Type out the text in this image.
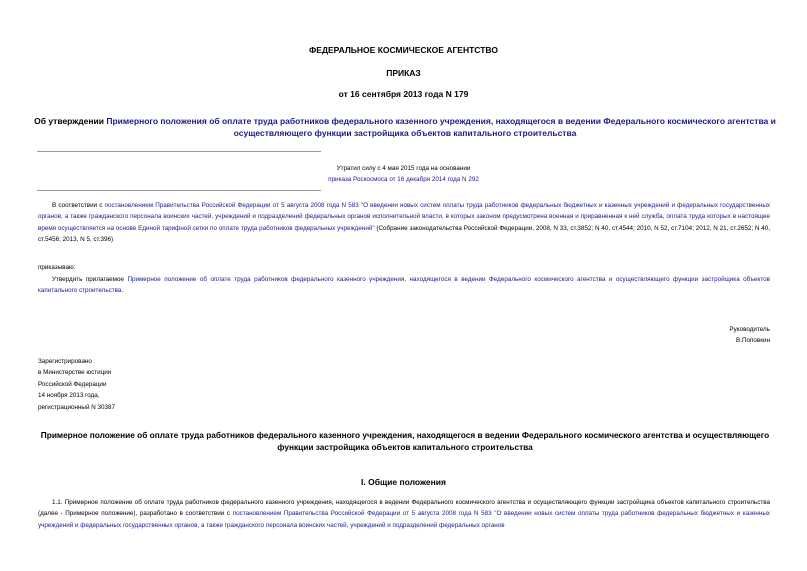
ФЕДЕРАЛЬНОЕ КОСМИЧЕСКОЕ АГЕНТСТВО
ПРИКАЗ
от 16 сентября 2013 года N 179
Об утверждении Примерного положения об оплате труда работников федерального казенного учреждения, находящегося в ведении Федерального космического агентства и осуществляющего функции застройщика объектов капитального строительства
Утратил силу с 4 мая 2015 года на основании
приказа Роскосмоса от 16 декабря 2014 года N 292
В соответствии с постановлением Правительства Российской Федерации от 5 августа 2008 года N 583 "О введении новых систем оплаты труда работников федеральных бюджетных и казенных учреждений и федеральных государственных органов, а также гражданского персонала воинских частей, учреждений и подразделений федеральных органов исполнительной власти, в которых законом предусмотрена военная и приравненная к ней служба, оплата труда которых в настоящее время осуществляется на основе Единой тарифной сетки по оплате труда работников федеральных учреждений" (Собрание законодательства Российской Федерации, 2008, N 33, ст.3852; N 40, ст.4544; 2010, N 52, ст.7104; 2012, N 21, ст.2652; N 40, ст.5456; 2013, N 5, ст.396)
приказываю:
Утвердить прилагаемое Примерное положение об оплате труда работников федерального казенного учреждения, находящегося в ведении Федерального космического агентства и осуществляющего функции застройщика объектов капитального строительства.
Руководитель
В.Поповкин
Зарегистрировано
в Министерстве юстиции
Российской Федерации
14 ноября 2013 года,
регистрационный N 30387
Примерное положение об оплате труда работников федерального казенного учреждения, находящегося в ведении Федерального космического агентства и осуществляющего функции застройщика объектов капитального строительства
I. Общие положения
1.1. Примерное положение об оплате труда работников федерального казенного учреждения, находящегося в ведении Федерального космического агентства и осуществляющего функции застройщика объектов капитального строительства (далее - Примерное положение), разработано в соответствии с постановлением Правительства Российской Федерации от 5 августа 2008 года N 583 "О введении новых систем оплаты труда работников федеральных бюджетных и казенных учреждений и федеральных государственных органов, а также гражданского персонала воинских частей, учреждений и подразделений федеральных органов
